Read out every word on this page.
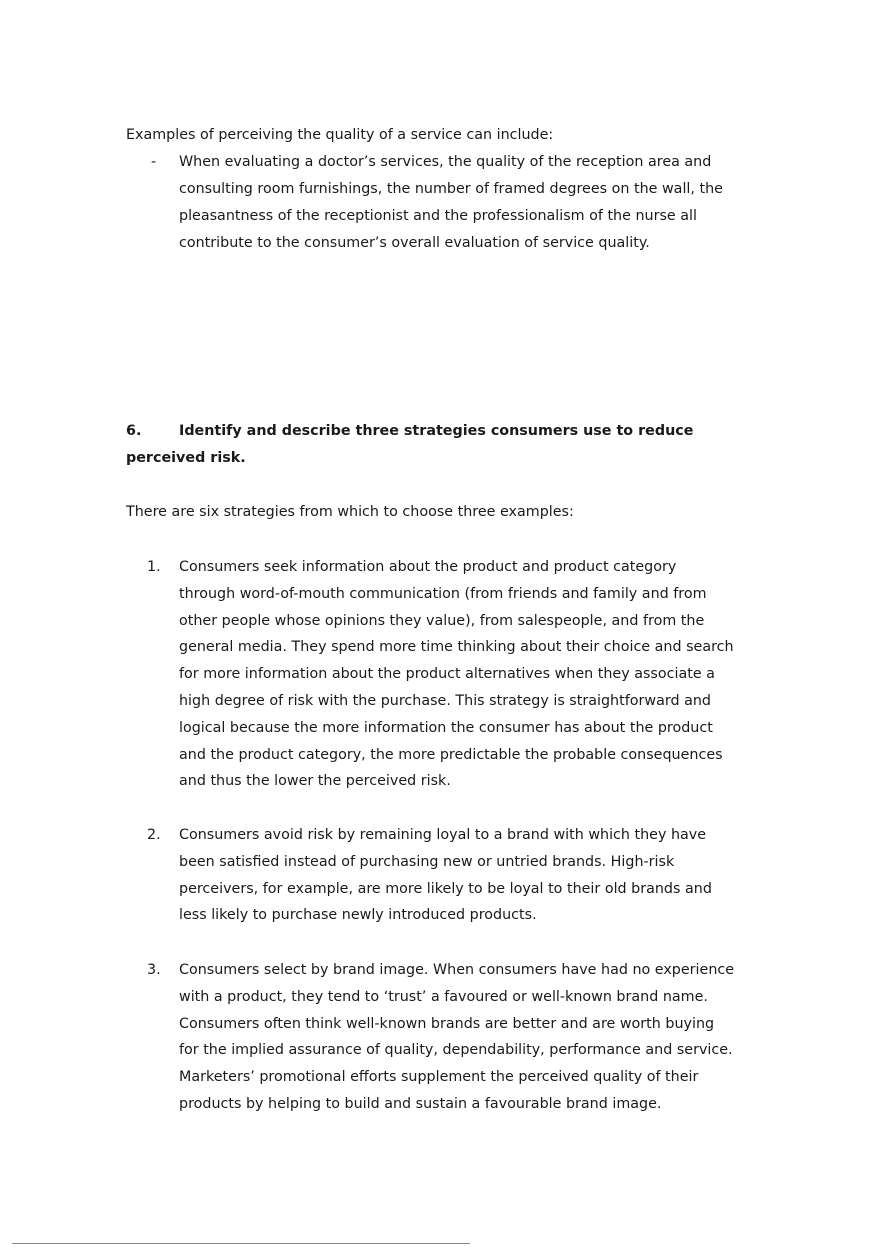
Examples of perceiving the quality of a service can include:
- When evaluating a doctor’s services, the quality of the reception area and
consulting room furnishings, the number of framed degrees on the wall, the
pleasantness of the receptionist and the professionalism of the nurse all
contribute to the consumer’s overall evaluation of service quality.
6.	Identify and describe three strategies consumers use to reduce
perceived risk.
There are six strategies from which to choose three examples:
1. Consumers seek information about the product and product category
through word-of-mouth communication (from friends and family and from
other people whose opinions they value), from salespeople, and from the
general media. They spend more time thinking about their choice and search
for more information about the product alternatives when they associate a
high degree of risk with the purchase. This strategy is straightforward and
logical because the more information the consumer has about the product
and the product category, the more predictable the probable consequences
and thus the lower the perceived risk.
2. Consumers avoid risk by remaining loyal to a brand with which they have
been satisfied instead of purchasing new or untried brands. High-risk
perceivers, for example, are more likely to be loyal to their old brands and
less likely to purchase newly introduced products.
3. Consumers select by brand image. When consumers have had no experience
with a product, they tend to ‘trust’ a favoured or well-known brand name.
Consumers often think well-known brands are better and are worth buying
for the implied assurance of quality, dependability, performance and service.
Marketers’ promotional efforts supplement the perceived quality of their
products by helping to build and sustain a favourable brand image.
